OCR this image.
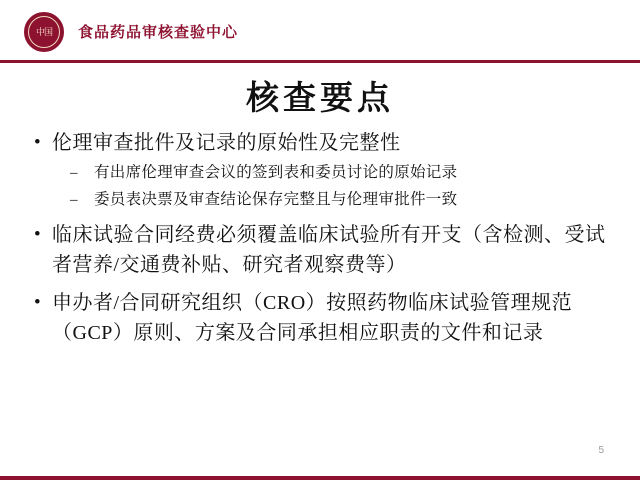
中国	食品药品审核查验中心
核查要点
• 伦理审查批件及记录的原始性及完整性
–	有出席伦理审查会议的签到表和委员讨论的原始记录
–	委员表决票及审查结论保存完整且与伦理审批件一致
• 临床试验合同经费必须覆盖临床试验所有开支（含检测、受试者营养/交通费补贴、研究者观察费等）
• 申办者/合同研究组织（CRO）按照药物临床试验管理规范（GCP）原则、方案及合同承担相应职责的文件和记录
5
